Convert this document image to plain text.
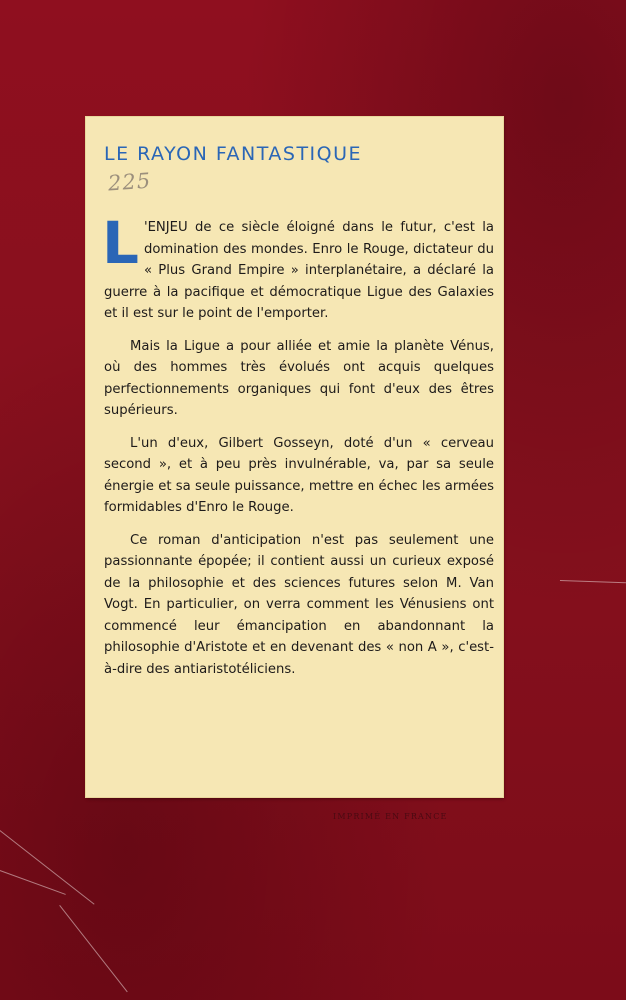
LE RAYON FANTASTIQUE
225

L 'ENJEU de ce siècle éloigné dans le futur, c'est la domination des mondes. Enro le Rouge, dictateur du « Plus Grand Empire » interplanétaire, a déclaré la guerre à la pacifique et démocratique Ligue des Galaxies et il est sur le point de l'emporter.

Mais la Ligue a pour alliée et amie la planète Vénus, où des hommes très évolués ont acquis quelques perfectionnements organiques qui font d'eux des êtres supérieurs.

L'un d'eux, Gilbert Gosseyn, doté d'un « cerveau second », et à peu près invulnérable, va, par sa seule énergie et sa seule puissance, mettre en échec les armées formidables d'Enro le Rouge.

Ce roman d'anticipation n'est pas seulement une passionnante épopée; il contient aussi un curieux exposé de la philosophie et des sciences futures selon M. Van Vogt. En particulier, on verra comment les Vénusiens ont commencé leur émancipation en abandonnant la philosophie d'Aristote et en devenant des « non A », c'est-à-dire des antiaristotéliciens.

IMPRIMÉ EN FRANCE
